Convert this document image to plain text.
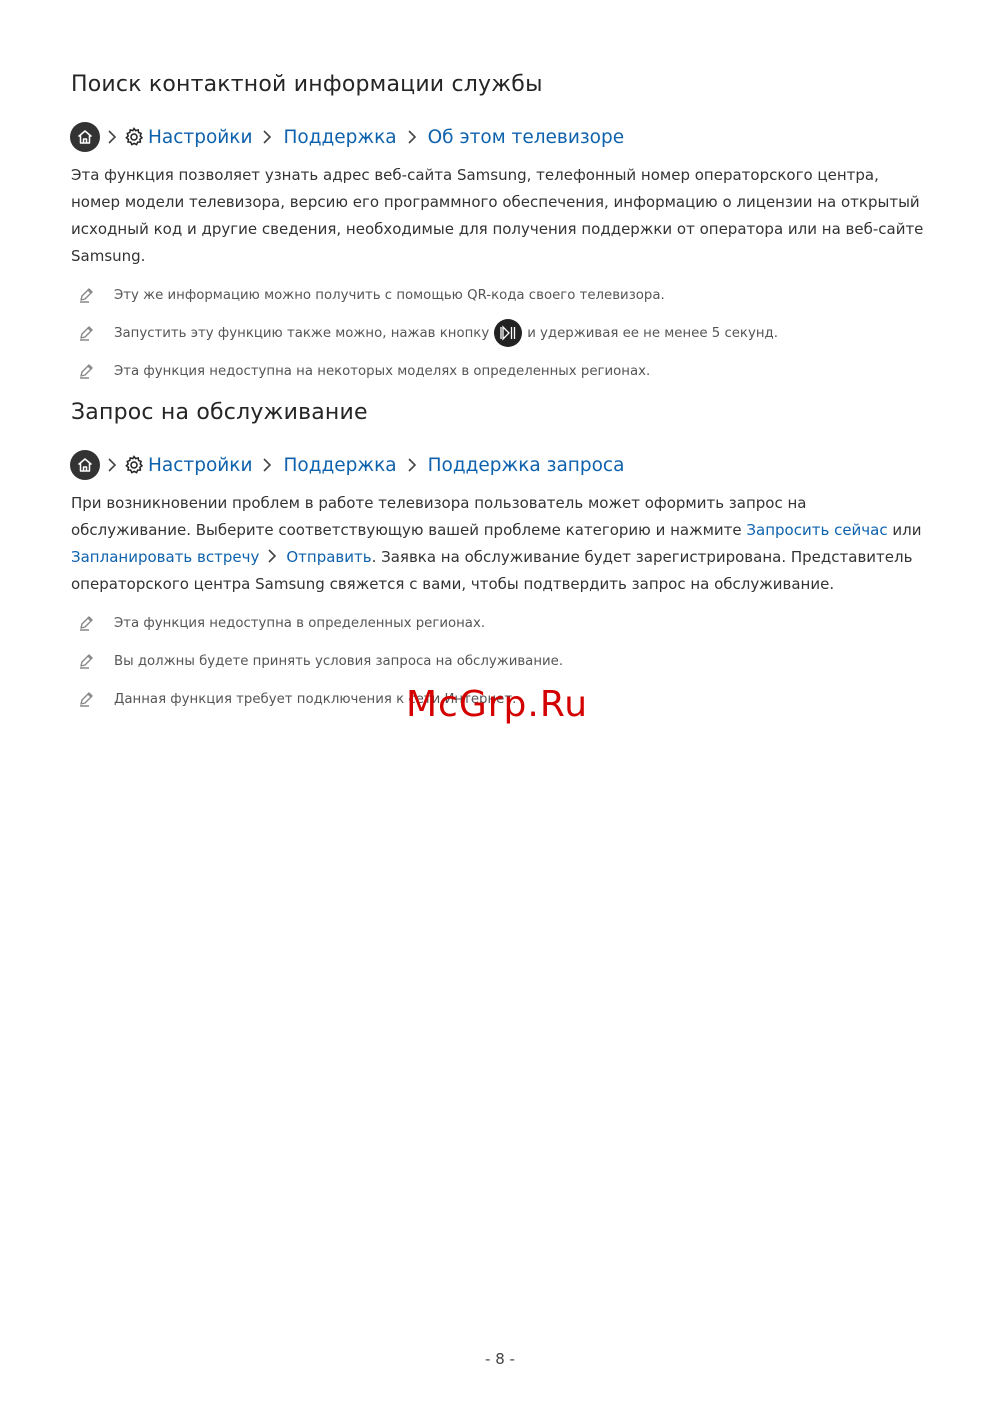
Поиск контактной информации службы
Настройки Поддержка Об этом телевизоре

Эта функция позволяет узнать адрес веб-сайта Samsung, телефонный номер операторского центра, номер модели телевизора, версию его программного обеспечения, информацию о лицензии на открытый исходный код и другие сведения, необходимые для получения поддержки от оператора или на веб-сайте Samsung.

Эту же информацию можно получить с помощью QR-кода своего телевизора.
Запустить эту функцию также можно, нажав кнопку	и удерживая ее не менее 5 секунд.
Эта функция недоступна на некоторых моделях в определенных регионах.
Запрос на обслуживание
Настройки Поддержка Поддержка запроса

При возникновении проблем в работе телевизора пользователь может оформить запрос на обслуживание. Выберите соответствующую вашей проблеме категорию и нажмите Запросить сейчас или Запланировать встречу Отправить. Заявка на обслуживание будет зарегистрирована. Представитель операторского центра Samsung свяжется с вами, чтобы подтвердить запрос на обслуживание.

Эта функция недоступна в определенных регионах.
Вы должны будете принять условия запроса на обслуживание.
Данная функция требует подключения к сети Интернет.
McGrp.Ru
- 8 -
